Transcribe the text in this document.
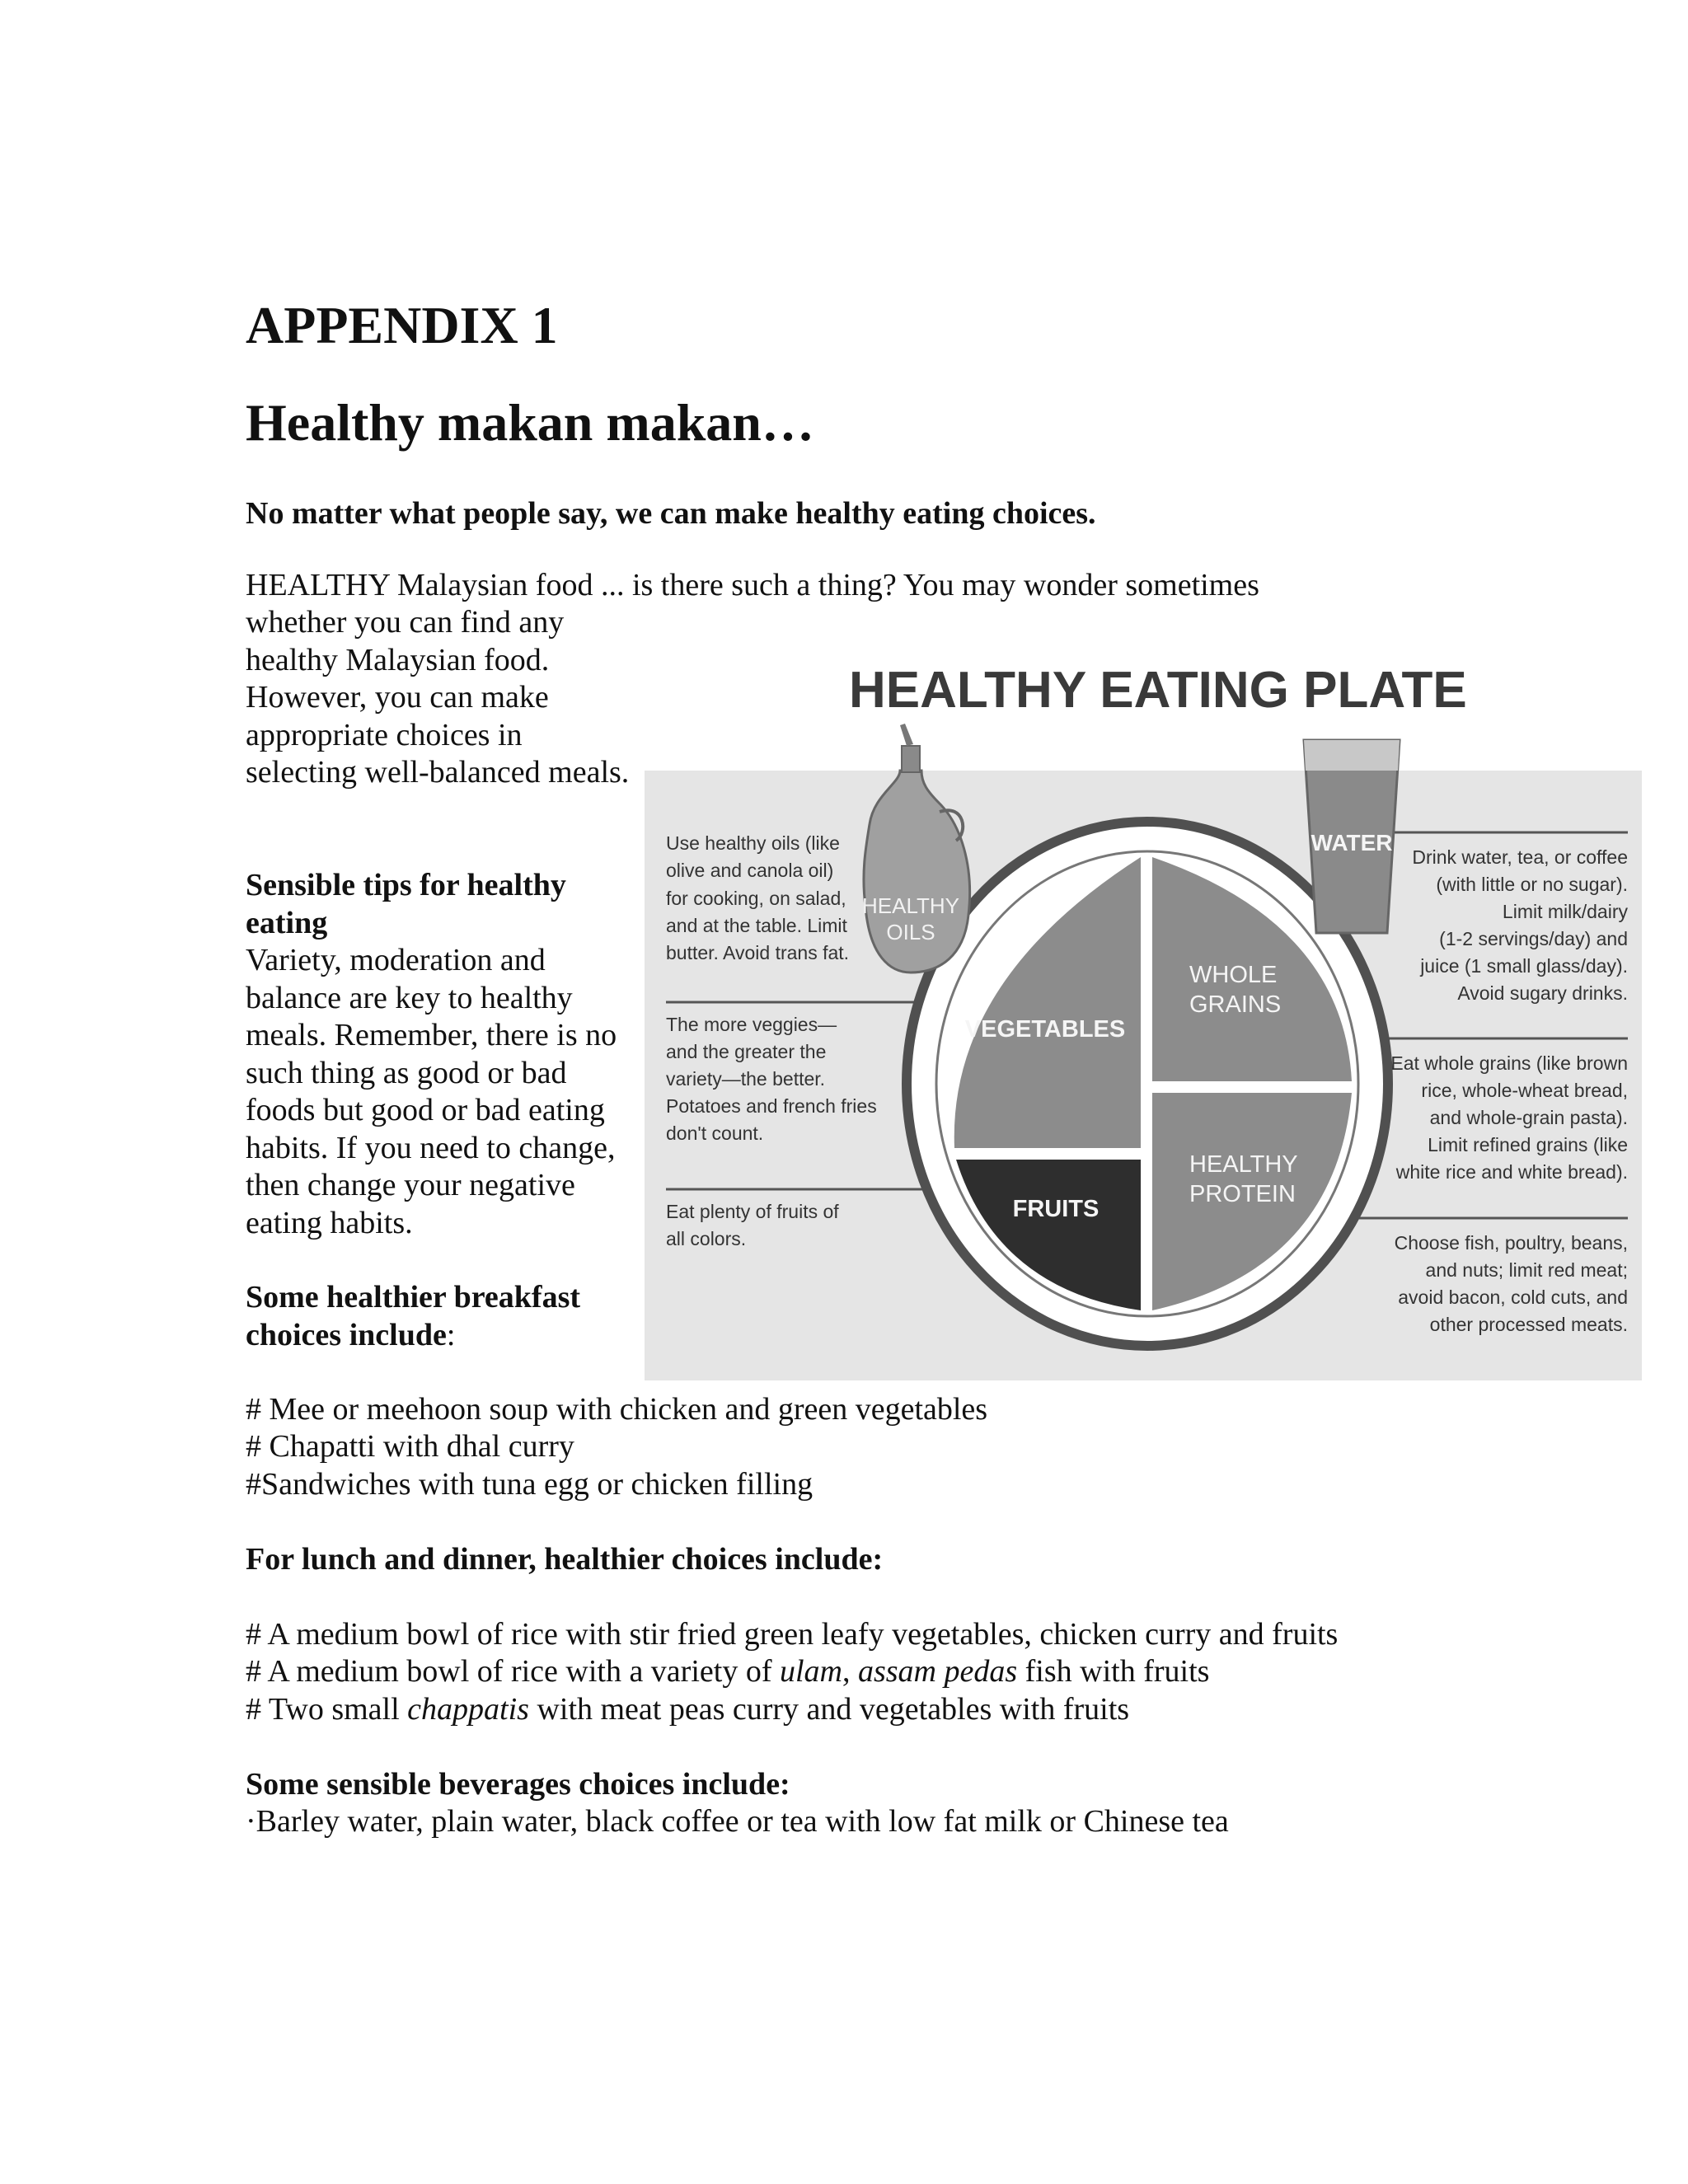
APPENDIX 1
Healthy makan makan…
No matter what people say, we can make healthy eating choices.
HEALTHY Malaysian food ... is there such a thing? You may wonder sometimes
whether you can find any healthy Malaysian food. However, you can make appropriate choices in selecting well-balanced meals.
Sensible tips for healthy eating
Variety, moderation and balance are key to healthy meals. Remember, there is no such thing as good or bad foods but good or bad eating habits. If you need to change, then change your negative eating habits.
Some healthier breakfast choices include:
# Mee or meehoon soup with chicken and green vegetables
# Chapatti with dhal curry
#Sandwiches with tuna egg or chicken filling
For lunch and dinner, healthier choices include:
# A medium bowl of rice with stir fried green leafy vegetables, chicken curry and fruits
# A medium bowl of rice with a variety of ulam, assam pedas fish with fruits
# Two small chappatis with meat peas curry and vegetables with fruits
Some sensible beverages choices include:
·Barley water, plain water, black coffee or tea with low fat milk or Chinese tea
HEALTHY EATING PLATE
HEALTHY
OILS
WATER
VEGETABLES
FRUITS
WHOLE
GRAINS
HEALTHY
PROTEIN
Use healthy oils (like
olive and canola oil)
for cooking, on salad,
and at the table. Limit
butter. Avoid trans fat.
The more veggies—
and the greater the
variety—the better.
Potatoes and french fries
don't count.
Eat plenty of fruits of
all colors.
Drink water, tea, or coffee
(with little or no sugar).
Limit milk/dairy
(1-2 servings/day) and
juice (1 small glass/day).
Avoid sugary drinks.
Eat whole grains (like brown
rice, whole-wheat bread,
and whole-grain pasta).
Limit refined grains (like
white rice and white bread).
Choose fish, poultry, beans,
and nuts; limit red meat;
avoid bacon, cold cuts, and
other processed meats.
